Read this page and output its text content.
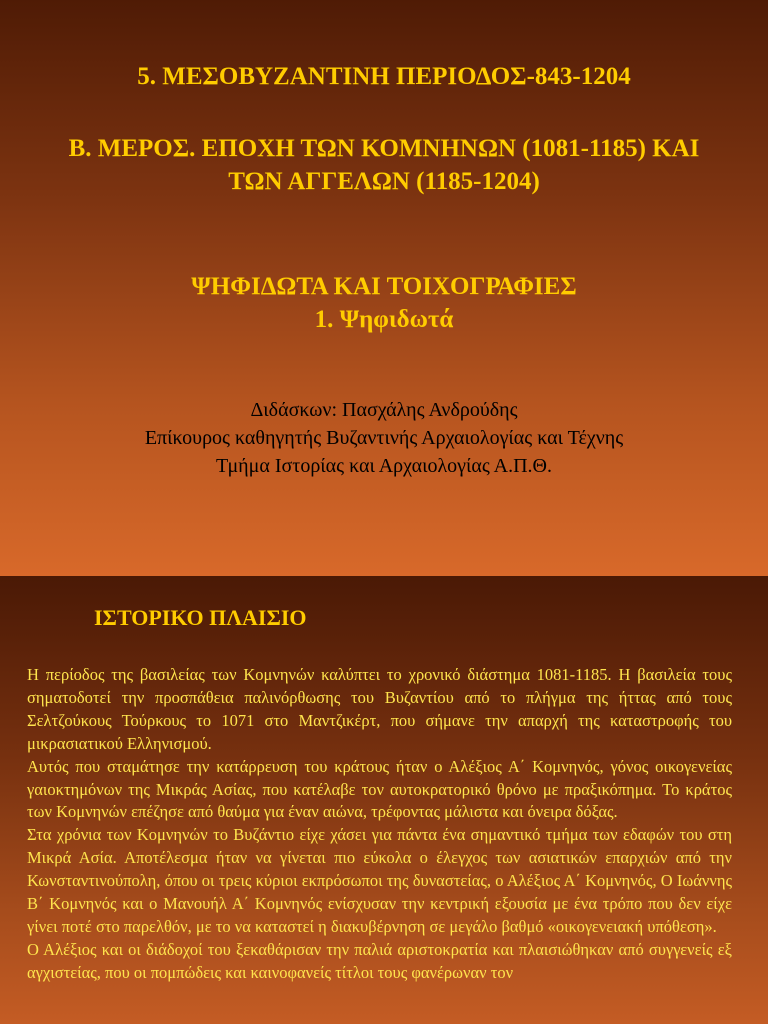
5. ΜΕΣΟΒΥΖΑΝΤΙΝΗ ΠΕΡΙΟΔΟΣ-843-1204
Β. ΜΕΡΟΣ. ΕΠΟΧΗ ΤΩΝ ΚΟΜΝΗΝΩΝ (1081-1185) ΚΑΙ ΤΩΝ ΑΓΓΕΛΩΝ (1185-1204)
ΨΗΦΙΔΩΤΑ ΚΑΙ ΤΟΙΧΟΓΡΑΦΙΕΣ
1. Ψηφιδωτά
Διδάσκων: Πασχάλης Ανδρούδης
Επίκουρος καθηγητής Βυζαντινής Αρχαιολογίας και Τέχνης
Τμήμα Ιστορίας και Αρχαιολογίας Α.Π.Θ.
ΙΣΤΟΡΙΚΟ ΠΛΑΙΣΙΟ

Η περίοδος της βασιλείας των Κομνηνών καλύπτει το χρονικό διάστημα 1081-1185. Η βασιλεία τους σηματοδοτεί την προσπάθεια παλινόρθωσης του Βυζαντίου από το πλήγμα της ήττας από τους Σελτζούκους Τούρκους το 1071 στο Μαντζικέρτ, που σήμανε την απαρχή της καταστροφής του μικρασιατικού Ελληνισμού.

Αυτός που σταμάτησε την κατάρρευση του κράτους ήταν ο Αλέξιος Α΄ Κομνηνός, γόνος οικογενείας γαιοκτημόνων της Μικράς Ασίας, που κατέλαβε τον αυτοκρατορικό θρόνο με πραξικόπημα. Το κράτος των Κομνηνών επέζησε από θαύμα για έναν αιώνα, τρέφοντας μάλιστα και όνειρα δόξας.

Στα χρόνια των Κομνηνών το Βυζάντιο είχε χάσει για πάντα ένα σημαντικό τμήμα των εδαφών του στη Μικρά Ασία. Αποτέλεσμα ήταν να γίνεται πιο εύκολα ο έλεγχος των ασιατικών επαρχιών από την Κωνσταντινούπολη, όπου οι τρεις κύριοι εκπρόσωποι της δυναστείας, ο Αλέξιος Α΄ Κομνηνός, Ο Ιωάννης Β΄ Κομνηνός και ο Μανουήλ Α΄ Κομνηνός ενίσχυσαν την κεντρική εξουσία με ένα τρόπο που δεν είχε γίνει ποτέ στο παρελθόν, με το να καταστεί η διακυβέρνηση σε μεγάλο βαθμό «οικογενειακή υπόθεση».

Ο Αλέξιος και οι διάδοχοί του ξεκαθάρισαν την παλιά αριστοκρατία και πλαισιώθηκαν από συγγενείς εξ αγχιστείας, που οι πομπώδεις και καινοφανείς τίτλοι τους φανέρωναν τον
